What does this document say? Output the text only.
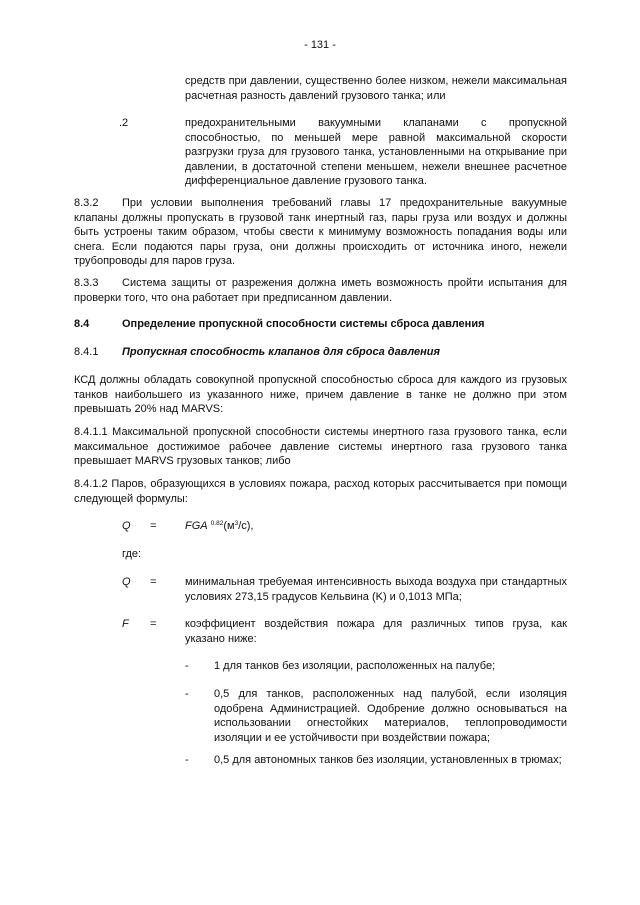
- 131 -
средств при давлении, существенно более низком, нежели максимальная расчетная разность давлений грузового танка; или
.2	предохранительными вакуумными клапанами с пропускной способностью, по меньшей мере равной максимальной скорости разгрузки груза для грузового танка, установленными на открывание при давлении, в достаточной степени меньшем, нежели внешнее расчетное дифференциальное давление грузового танка.
8.3.2 При условии выполнения требований главы 17 предохранительные вакуумные клапаны должны пропускать в грузовой танк инертный газ, пары груза или воздух и должны быть устроены таким образом, чтобы свести к минимуму возможность попадания воды или снега. Если подаются пары груза, они должны происходить от источника иного, нежели трубопроводы для паров груза.
8.3.3 Система защиты от разрежения должна иметь возможность пройти испытания для проверки того, что она работает при предписанном давлении.
8.4	Определение пропускной способности системы сброса давления
8.4.1 Пропускная способность клапанов для сброса давления
КСД должны обладать совокупной пропускной способностью сброса для каждого из грузовых танков наибольшего из указанного ниже, причем давление в танке не должно при этом превышать 20% над MARVS:
8.4.1.1 Максимальной пропускной способности системы инертного газа грузового танка, если максимальное достижимое рабочее давление системы инертного газа грузового танка превышает MARVS грузовых танков; либо
8.4.1.2 Паров, образующихся в условиях пожара, расход которых рассчитывается при помощи следующей формулы:
Q =	FGA $^{0.82}(м^3/с)$,
где:
Q =	минимальная требуемая интенсивность выхода воздуха при стандартных условиях 273,15 градусов Кельвина (K) и 0,1013 МПа;
F =	коэффициент воздействия пожара для различных типов груза, как указано ниже:
- 1 для танков без изоляции, расположенных на палубе;
- 0,5 для танков, расположенных над палубой, если изоляция одобрена Администрацией. Одобрение должно основываться на использовании огнестойких материалов, теплопроводимости изоляции и ее устойчивости при воздействии пожара;
- 0,5 для автономных танков без изоляции, установленных в трюмах;
